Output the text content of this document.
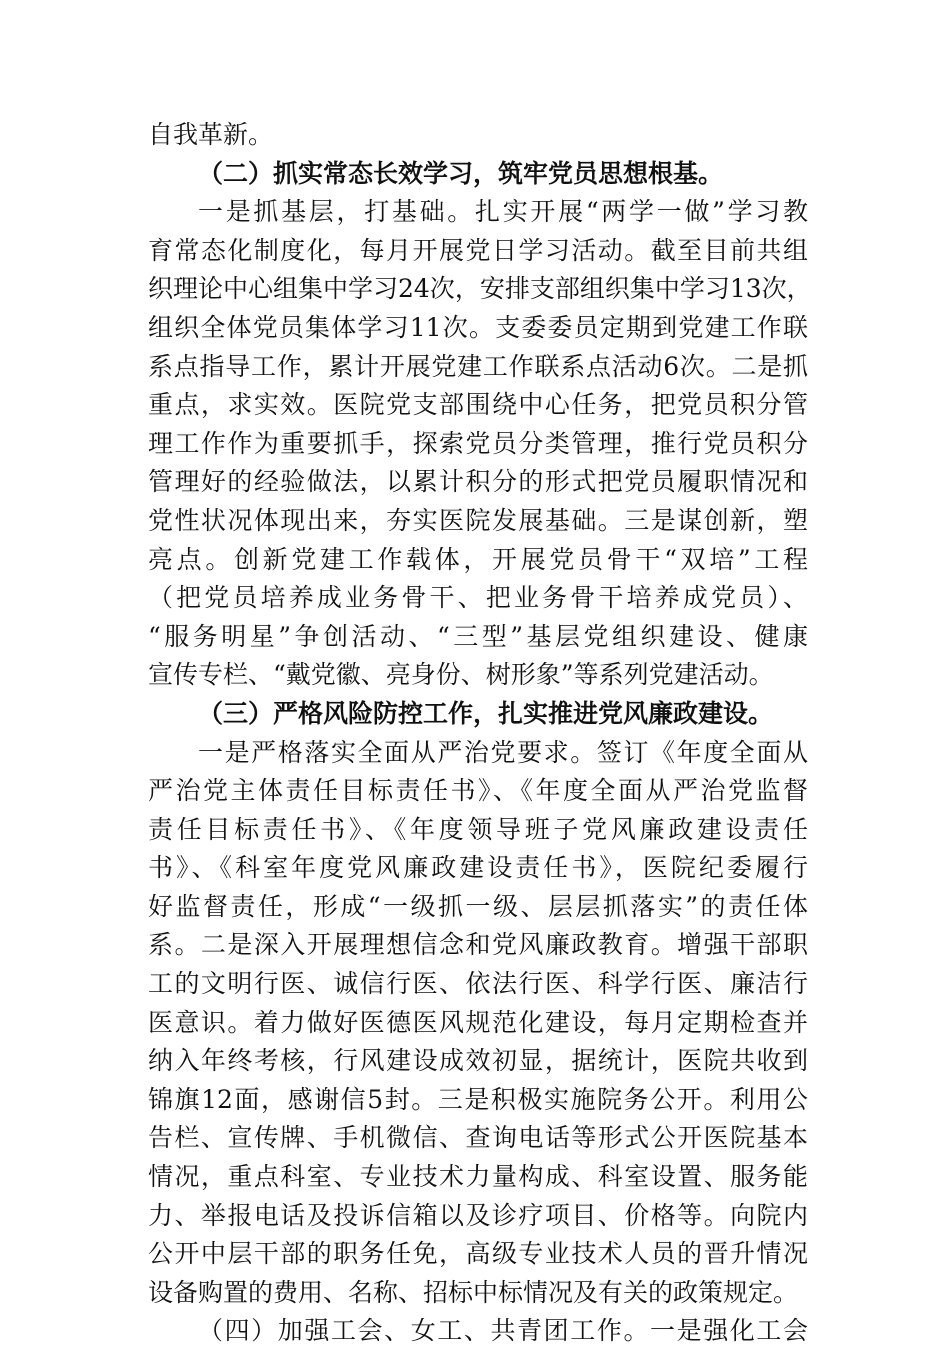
自我革新。
（二）抓实常态长效学习，筑牢党员思想根基。
一是抓基层，打基础。扎实开展“两学一做”学习教
育常态化制度化，每月开展党日学习活动。截至目前共组
织理论中心组集中学习24次，安排支部组织集中学习13次，
组织全体党员集体学习11次。支委委员定期到党建工作联
系点指导工作，累计开展党建工作联系点活动6次。二是抓
重点，求实效。医院党支部围绕中心任务，把党员积分管
理工作作为重要抓手，探索党员分类管理，推行党员积分
管理好的经验做法，以累计积分的形式把党员履职情况和
党性状况体现出来，夯实医院发展基础。三是谋创新，塑
亮点。创新党建工作载体，开展党员骨干“双培”工程
（把党员培养成业务骨干、把业务骨干培养成党员）、
“服务明星”争创活动、“三型”基层党组织建设、健康
宣传专栏、“戴党徽、亮身份、树形象”等系列党建活动。
（三）严格风险防控工作，扎实推进党风廉政建设。
一是严格落实全面从严治党要求。签订《年度全面从
严治党主体责任目标责任书》、《年度全面从严治党监督
责任目标责任书》、《年度领导班子党风廉政建设责任
书》、《科室年度党风廉政建设责任书》，医院纪委履行
好监督责任，形成“一级抓一级、层层抓落实”的责任体
系。二是深入开展理想信念和党风廉政教育。增强干部职
工的文明行医、诚信行医、依法行医、科学行医、廉洁行
医意识。着力做好医德医风规范化建设，每月定期检查并
纳入年终考核，行风建设成效初显，据统计，医院共收到
锦旗12面，感谢信5封。三是积极实施院务公开。利用公
告栏、宣传牌、手机微信、查询电话等形式公开医院基本
情况，重点科室、专业技术力量构成、科室设置、服务能
力、举报电话及投诉信箱以及诊疗项目、价格等。向院内
公开中层干部的职务任免，高级专业技术人员的晋升情况
设备购置的费用、名称、招标中标情况及有关的政策规定。
（四）加强工会、女工、共青团工作。一是强化工会
